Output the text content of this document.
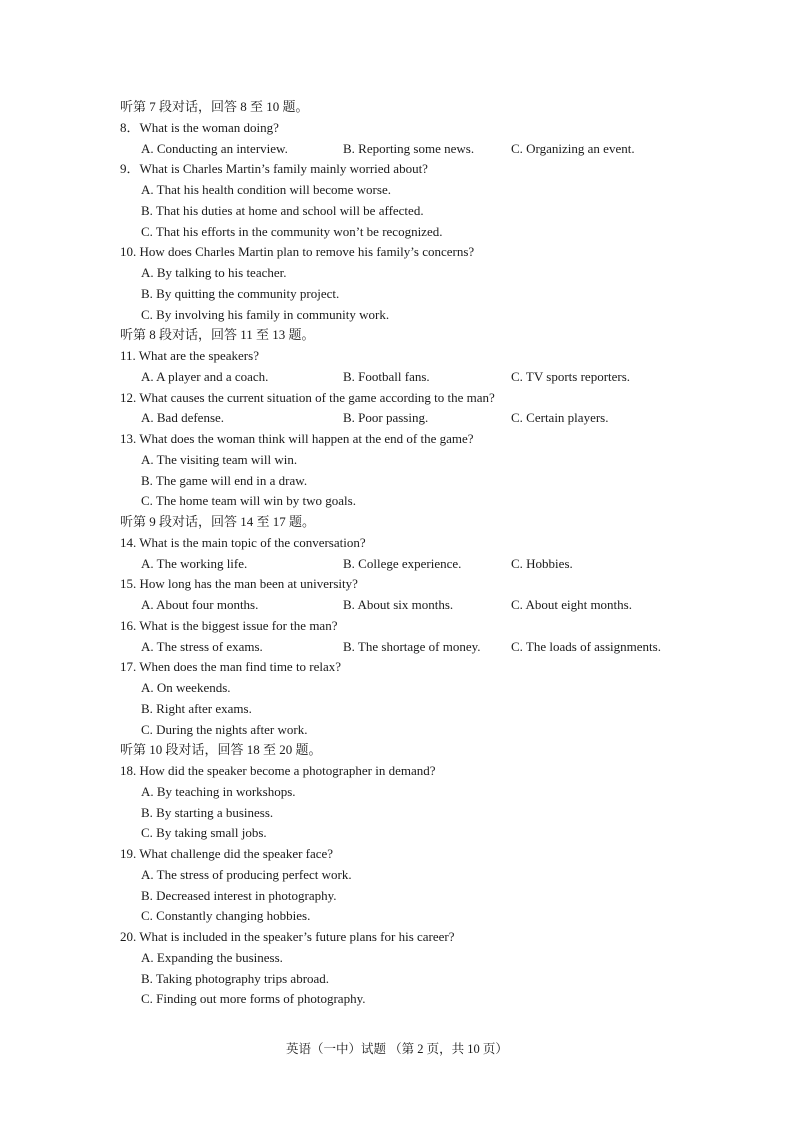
听第 7 段对话，回答 8 至 10 题。
8．What is the woman doing?
A. Conducting an interview.	B. Reporting some news.	C. Organizing an event.
9．What is Charles Martin’s family mainly worried about?
A. That his health condition will become worse.
B. That his duties at home and school will be affected.
C. That his efforts in the community won’t be recognized.
10. How does Charles Martin plan to remove his family’s concerns?
A. By talking to his teacher.
B. By quitting the community project.
C. By involving his family in community work.
听第 8 段对话，回答 11 至 13 题。
11. What are the speakers?
A. A player and a coach.	B. Football fans.	C. TV sports reporters.
12. What causes the current situation of the game according to the man?
A. Bad defense.	B. Poor passing.	C. Certain players.
13. What does the woman think will happen at the end of the game?
A. The visiting team will win.
B. The game will end in a draw.
C. The home team will win by two goals.
听第 9 段对话，回答 14 至 17 题。
14. What is the main topic of the conversation?
A. The working life.	B. College experience.	C. Hobbies.
15. How long has the man been at university?
A. About four months.	B. About six months.	C. About eight months.
16. What is the biggest issue for the man?
A. The stress of exams.	B. The shortage of money. C. The loads of assignments.
17. When does the man find time to relax?
A. On weekends.
B. Right after exams.
C. During the nights after work.
听第 10 段对话，回答 18 至 20 题。
18. How did the speaker become a photographer in demand?
A. By teaching in workshops.
B. By starting a business.
C. By taking small jobs.
19. What challenge did the speaker face?
A. The stress of producing perfect work.
B. Decreased interest in photography.
C. Constantly changing hobbies.
20. What is included in the speaker’s future plans for his career?
A. Expanding the business.
B. Taking photography trips abroad.
C. Finding out more forms of photography.
英语（一中）试题 （第 2 页，共 10 页）
